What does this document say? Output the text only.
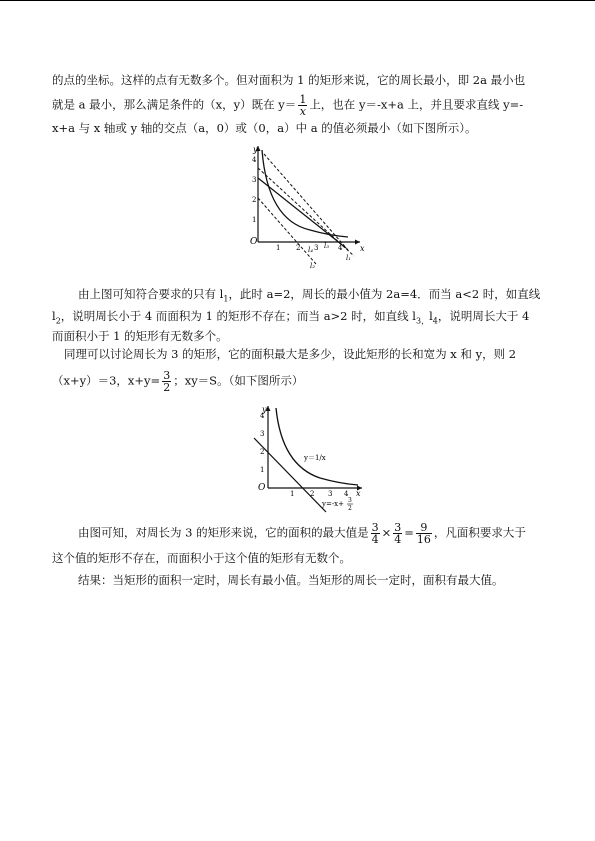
的点的坐标。这样的点有无数多个。但对面积为 1 的矩形来说，它的周长最小，即 2a 最小也
就是 a 最小，那么满足条件的（x，y）既在 $y= \frac{1}{x}$ 上，也在 y＝-x+a 上，并且要求直线 y=-
x+a 与 x 轴或 y 轴的交点（a，0）或（0，a）中 a 的值必须最小（如下图所示）。
1 2 3	4
1
2
3
4
O
x
y
l₃
l₁
l₄
l₂
由上图可知符合要求的只有 $l_1$，此时 a=2，周长的最小值为 2a=4．而当 a<2 时，如直线
$l_2$，说明周长小于 4 而面积为 1 的矩形不存在；而当 a>2 时，如直线 $l_{3,}l_4$，说明周长大于 4
而面积小于 1 的矩形有无数多个。
同理可以讨论周长为 3 的矩形，它的面积最大是多少，设此矩形的长和宽为 x 和 y，则 2
（x+y）＝3，$x+y= \frac{3}{2}$ ；xy＝S。（如下图所示）
1 2 3 4
1
2
3
4
O
x
y
y＝1/x
y=-x+ 3
2
由图可知，对周长为 3 的矩形来说，它的面积的最大值是 $\frac{3}{4} \times \frac{3}{4} = \frac{9}{16}$ ，凡面积要求大于
这个值的矩形不存在，而面积小于这个值的矩形有无数个。
结果：当矩形的面积一定时，周长有最小值。当矩形的周长一定时，面积有最大值。
